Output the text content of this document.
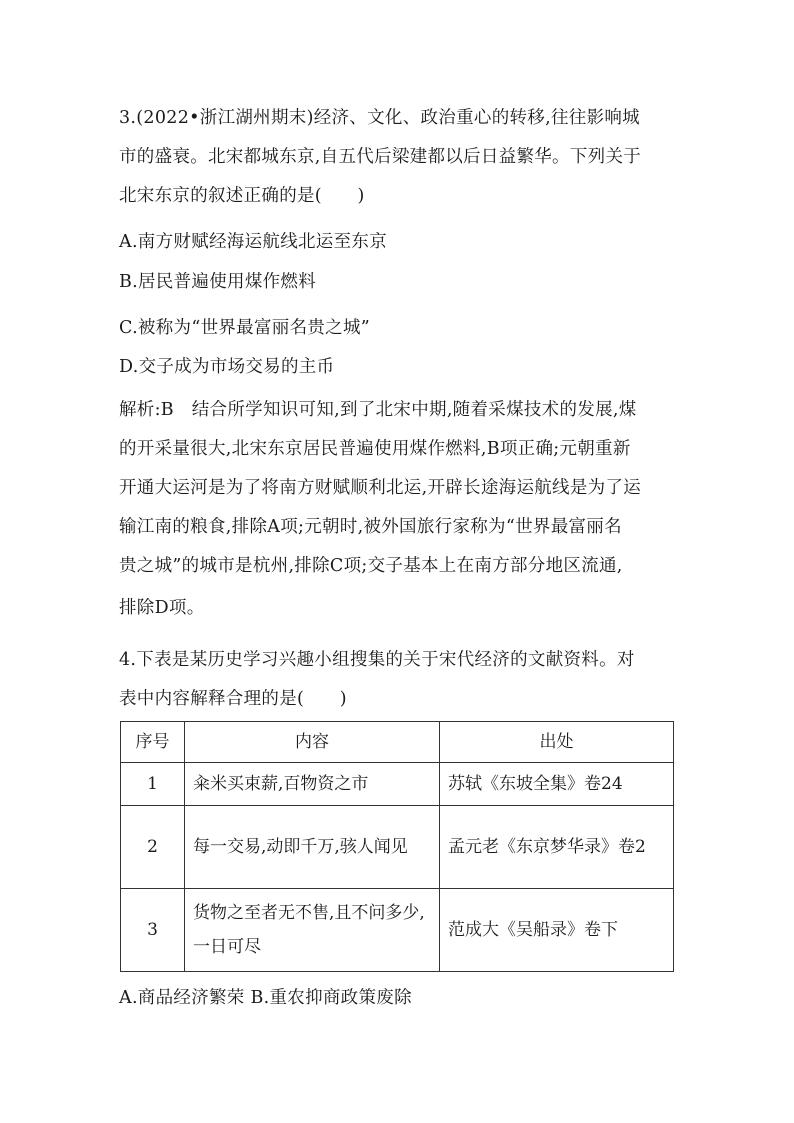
3.(2022•浙江湖州期末)经济、文化、政治重心的转移,往往影响城
市的盛衰。北宋都城东京,自五代后梁建都以后日益繁华。下列关于
北宋东京的叙述正确的是(　　)
A.南方财赋经海运航线北运至东京
B.居民普遍使用煤作燃料
C.被称为“世界最富丽名贵之城”
D.交子成为市场交易的主币
解析:B　结合所学知识可知,到了北宋中期,随着采煤技术的发展,煤
的开采量很大,北宋东京居民普遍使用煤作燃料,B项正确;元朝重新
开通大运河是为了将南方财赋顺利北运,开辟长途海运航线是为了运
输江南的粮食,排除A项;元朝时,被外国旅行家称为“世界最富丽名
贵之城”的城市是杭州,排除C项;交子基本上在南方部分地区流通,
排除D项。
4.下表是某历史学习兴趣小组搜集的关于宋代经济的文献资料。对
表中内容解释合理的是(　　)
序号	内容	出处
1	籴米买束薪,百物资之市	苏轼《东坡全集》卷24
2	每一交易,动即千万,骇人闻见	孟元老《东京梦华录》卷2
3	货物之至者无不售,且不问多少,一日可尽	范成大《吴船录》卷下
A.商品经济繁荣 B.重农抑商政策废除
